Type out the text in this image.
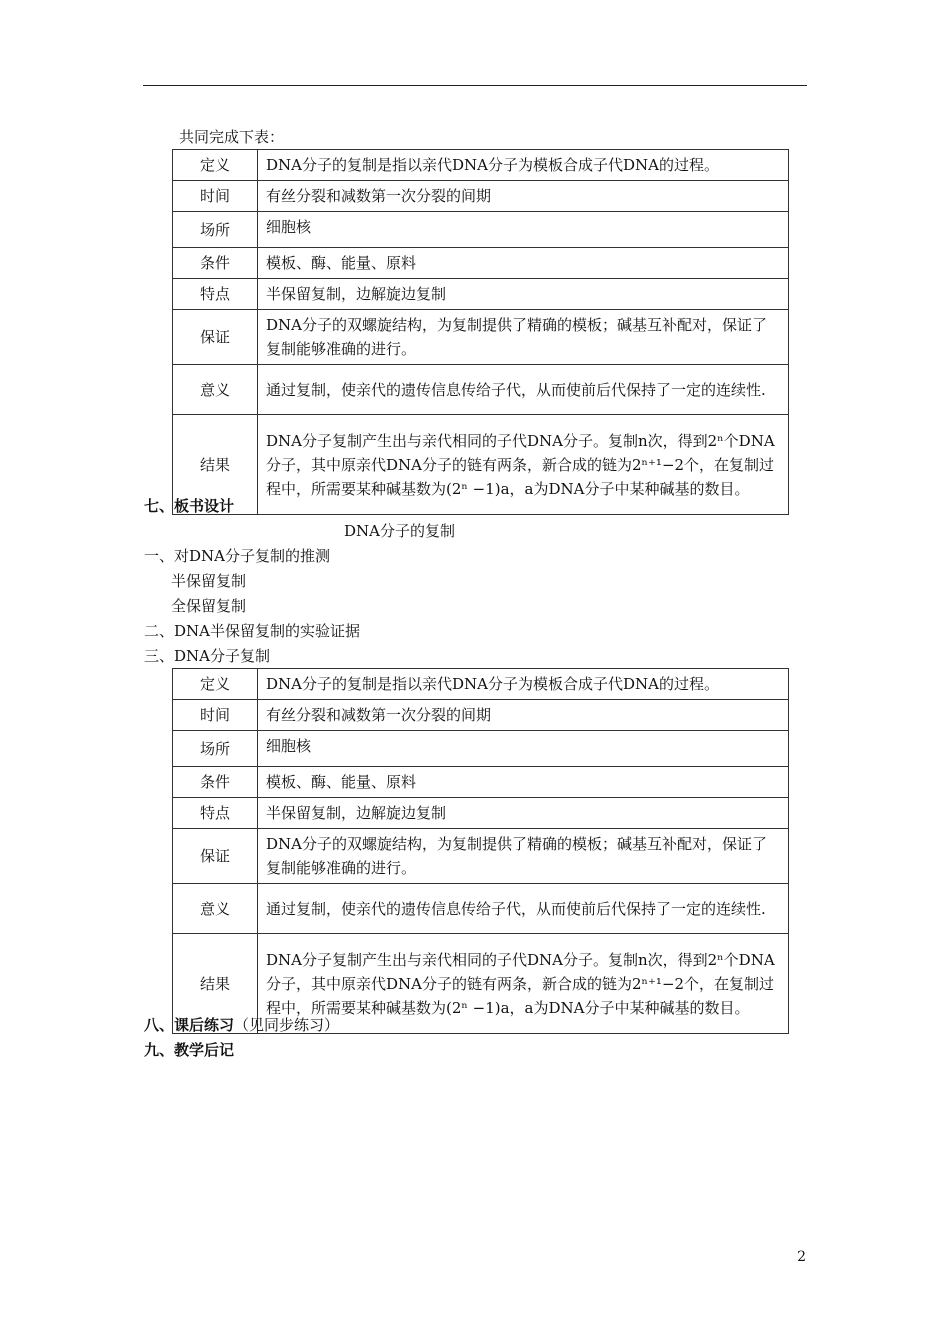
共同完成下表：
定义	DNA分子的复制是指以亲代DNA分子为模板合成子代DNA的过程。
时间	有丝分裂和减数第一次分裂的间期
场所	细胞核
条件	模板、酶、能量、原料
特点	半保留复制，边解旋边复制
保证	DNA分子的双螺旋结构，为复制提供了精确的模板；碱基互补配对，保证了复制能够准确的进行。
意义	通过复制，使亲代的遗传信息传给子代，从而使前后代保持了一定的连续性.
结果	DNA分子复制产生出与亲代相同的子代DNA分子。复制n次，得到2ⁿ个DNA分子，其中原亲代DNA分子的链有两条，新合成的链为2ⁿ⁺¹−2个，在复制过程中，所需要某种碱基数为(2ⁿ −1)a，a为DNA分子中某种碱基的数目。
七、板书设计
DNA分子的复制
一、对DNA分子复制的推测
半保留复制
全保留复制
二、DNA半保留复制的实验证据
三、DNA分子复制
定义	DNA分子的复制是指以亲代DNA分子为模板合成子代DNA的过程。
时间	有丝分裂和减数第一次分裂的间期
场所	细胞核
条件	模板、酶、能量、原料
特点	半保留复制，边解旋边复制
保证	DNA分子的双螺旋结构，为复制提供了精确的模板；碱基互补配对，保证了复制能够准确的进行。
意义	通过复制，使亲代的遗传信息传给子代，从而使前后代保持了一定的连续性.
结果	DNA分子复制产生出与亲代相同的子代DNA分子。复制n次，得到2ⁿ个DNA分子，其中原亲代DNA分子的链有两条，新合成的链为2ⁿ⁺¹−2个，在复制过程中，所需要某种碱基数为(2ⁿ −1)a，a为DNA分子中某种碱基的数目。
八、课后练习（见同步练习）
九、教学后记
2
